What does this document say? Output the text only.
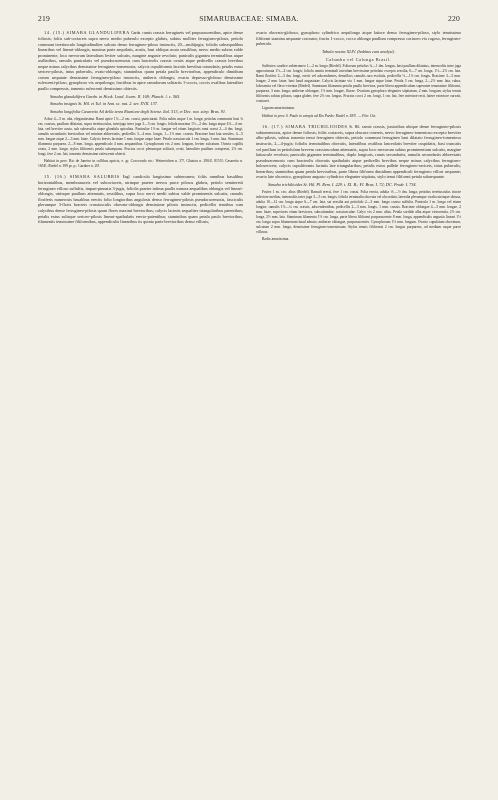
219	SIMARUBACEAE: SIMABA.	220

14. (15.) SIMABA GLANDULIFERA Gardn. ramis crassis ferrugineis vel purpurascentibus, apice dense foliosis; foliis sub-coriaceis supra nervo medio puberulo excepto glabris, subtus molliter ferrugineo-pilosis, petiolo communi teretiusculo longitudinaliter sulcato denso ferrugineo-piloso instructis, 20—multijugis; foliolis subsequalibus linearibus vel lineari-oblongis, maxima parte aequilatis, acutis, basi obliqua acuta sessilibus, nervo medio subtus valde prominente, loco nervorum lateralium leviter sulcatis, margine anguste revoluto; paniculis gigantea terminalibus atque axillaribus, ramulis paniculatis vel pseudoracemosis cum bracteolis crassis ovatis atque pedicellis crassis brevibus neque minus calycibus densissime ferrugineo-tomentosis; calycis cupuliformis laciniis brevibus rotundatis; petalis extus sericeo-pilosis, intus puberulis, ovato-oblongis; staminibus quam petala paullo brevioribus, appendiculo dimidium corum aequante densissime ferrugineo-piloso instructis, antheris oblongis; ovario depresso-globoso densissime rufescenti-piloso, gynophoro vix aequilongo; fructibus in apice ramulorum solitariis 1-coccis, coccis ovalibus lateraliter paullo compressis, tomento rufescenti densissimo obtectis.

Simaba glandulifera Gardn. in Hook. Lond. Journ. II. 169; Planch. l. c. 565.

Simaba insignis St. Hil. et Tul. in Ann. sc. nat. 2. ser. XVII. 137.

Simaba longifolia Casaretto Atl della terza Riunione degli Scienz. Ital. 513, et Dec. nov. stirp. Bras. 91.

Arbor 4—5 m. alta, elegantissima. Rami apice 1½—2 cm. crassi, punicturati. Folia subin usque 1 m. longa; petiolus communis basi ¾ cm. crassus, paullum dilatatus, supra teretiusculus, interjugo inter juga 3—5 cm. longis; foliola maxima 1½—2 dm. longa atque 4½—4 cm. lata, sed breviter acuta, sub subsessilia atque glandula apiculata. Paniculae 1½ m. longae vel etiam longioris rami crassi 2—4 dm. longi, ramulis secundariis brevioribus vel minime abbreviatis, pedicellis 3—4 mm. longis, 1—1½ mm. crassis. Bracteae basi lata sessiles, 4—5 mm. longae atque 2—3 mm. latae. Calycis brevis laciniae 1 mm. longae atque latae. Petala crassiuscula 1 cm. longa, 3 mm. lata. Staminum filamenta purpurea, 2—8 mm. longa, appendiculo 4 mm. aequantibus. Gynophorum vix 2 mm. longum, leviter sulcatum. Ovario capillis ovata, 2 mm. longa; stylus filiformis petala subaequans. Fructus cocci plerumque solitarii, ovati, lateraliter paullum compressi, 2½ cm. longi, fere 2 cm. lati, tomento densissimo rufescente obtecti.

Habitat in prov. Rio de Janeiro in collibus apricis, e. gr. Corcovado etc.: Weinerichen n. 37!, Glaziou n. 2904!, 8153!; Casaretto n. 1654!; Riedel n. 399 pr. p.; Gardner n. 20!.

15. (16.) SIMABA SALUBRIS Engl. caudiculo longissimo subterraneo; foliis omnibus basalibus horizontalibus, membranaceis vel subcoriaceis, utrinque praeter nervos parce pilosos glabris, petiolo semiteretti ferrugineo villoso suffultis, impari-pinnatis 3-jugis, foliolis praeter infima paullo minora aequalibus oblongis vel lineari-oblongis, utrinque paullum attenuatis, sessilibus, supra loco nervi medii subtus valde prominentis sulcatis; ramulis floriferis numerosis basalibus erectis folio longioribus angulosis denso ferrugineo-pilosis pseudoracemosis, fasciculis plerumque 3-floris bracteis crassiusculis obovato-oblongis densissime pilosis instructis, pedicellis tenuibus cum calycibus dense ferrugineo-pilosis quam flores maximi brevioribus; calycis laciniis sequaliter triangularibus patentibus; petalis extus sulisque sericeo-pilosis lineari-spathulatis erecto-patentibus; staminibus quam petala paulo brevioribus, filamentis tenuissime filiformibus, appendiculis linearibus iis quinta parte brevioribus denso villosis;

ovario obovato-globoso, gynophoro cylindrico aequilongo atque latiore denso ferrugineo-piloso, stylo tenuissimo filiformi stamina aequante coronato; fructu 1-cocco, cocco oblongo paullum compresso coriaceo vix rugoso, ferrugineo-puberulo.

Tabula nostra XLIV. (habitus cum analysi).

Calumba vel Calunga Brasil.

Suffrutex caudice subterraneo 1—2 m. longo (Riedel). Foliorum petiolus ¾—1 dm. longus, basi paullum dilatatus, internodiis inter juga approximata 1½—2 cm. longis; foliola omnia terminali interdum brevissime petiolato excepto sessilia, 6—7 cm. longa, 1½—2½ cm. lata. Rami floriferi 2—3 dm. longi, erecti vel adscendentes, densiflori, ramulis raro evolutis, pedicellis ½—1½ cm. longis. Bracteae 3—5 mm. longae, 2 mm. latae, basi haud angustatae. Calycis laciniae vix 1 mm. longae atque latae. Petala 3 cm. longa, 2—2½ mm. lata, rubra, lobosentia vel flavo-virentia (Riedel). Staminum filamenta petalis paullo breviora, parte libera appendiculum superante tenuissime filiformi, purpurea, 3 mm. longa; antherae oblongae, 1½ mm. longae, flavae. Ovarium gynophoro eleganter stipitatum, 2 mm. longum; stylus tenuis filiformis subtus pilosus, supra glaber, fere 2½ cm. longus. Fructus cocci 2 cm. longi, 1 cm. lati, fere interiore recti, latere exteriore curvati, crustacei.

Lignum amarissimum.

Habitat in prov. S. Paulo in campis ad Rio Pardo: Riedel n. 583!. — Flor. Oct.

16. (17.) SIMABA TRICHILIOIDES St. Hil. ramis crassis, junioribus ubique dense ferrugineo-pilosis subtomentosis, apice dense foliosis; foliis coriaceis, supra obscure cinereis, nervo ferrugineo-tomentoso excepto breviter albo-pilosis, subtus tomento tenui ferrugineo obtectis, petiolo communi ferrugineo basi dilatato ferrugineo-tomentoso instructis, 2—4-jugis; foliolis terminalibus obovatis, lateralibus ovalibus lanceolatis breviter cuspidatis, basi truncatis vel paullum in petiolulum brevem crassiusculum attenuatis, supra loco nervorum subtus prominentium sulcatis, margine latiuscule revoluto; paniculis gigantea terminalibus, duplo longioris, ramis secundariis, ramulis secundariis abbreviatis pseudoracemosis cum bracteolis obovatis spathulatis atque pedicellis brevibus neque minus calycibus ferrugineo-holosericeis; calycis cupuliformis laciniis late triangularibus; petalis extus pallide ferrugineo-sericeis, intus puberulis, linearibus; staminibus quam petala brevioribus, parte libera filiformi dimidium appendiculi ferrugineo villosi aequante; ovario late obconico, gynophoro angusto cylindrico eleganter stipitato, stylo tenui filiformi petala subaequante.

Simaba trichilioides St. Hil. Pl. Rem. I. 229. t. XI. B.; Fl. Bras. I. 72; DC. Prodr. I. 734.

Frutex 1 m. circ. altus (Riedel). Ramuli erecti, fere 1 cm. crassi. Folia erecta, adulta ⅙—½ dm. longa; petiolus teretiusculus tricote inferiore medius, internodiis inter juga 3—5 cm. longis; foliola terminalia obovata vel obcordata, lateralia plerumque ovalia utrinque obtusa, adulta 10—12 cm. longa atque 6—7 cm. lata, sat sessilia aut petiolulo 2—3 mm. longo crasso suffulta. Panicula 1 m. longa vel etiam longior, ramulis 1½—¼ cm. crassis, adscendentibus, pedicellis 2—3 mm. longis, 1 mm. crassis. Bracteae oblongae 4—5 mm. longae, 2 mm. latae, superiores etiam breviores, subcuttundae, crassiusculae. Calyx vix 2 mm. altus. Petala sordide alba atque virescentia, 2½ cm. longa, 2½ mm. lata. Staminum filamenta 1½ cm. longa, parte libera filiformi purpurascente 8 mm. longa, appendiculis angustis lineari 1½ cm. longo supra filamentum haud adnato; antherae oblongae, purpurascentes. Gynophorum 1½ mm. longum. Ovario cupulatum obovatum, sulcatum 2 mm. longa, densissime ferrugineo-tomentosum. Stylus tenuis filiformis 2 cm. longus purpureus, ad medium usque parce villosus.

Radix amarissima.
